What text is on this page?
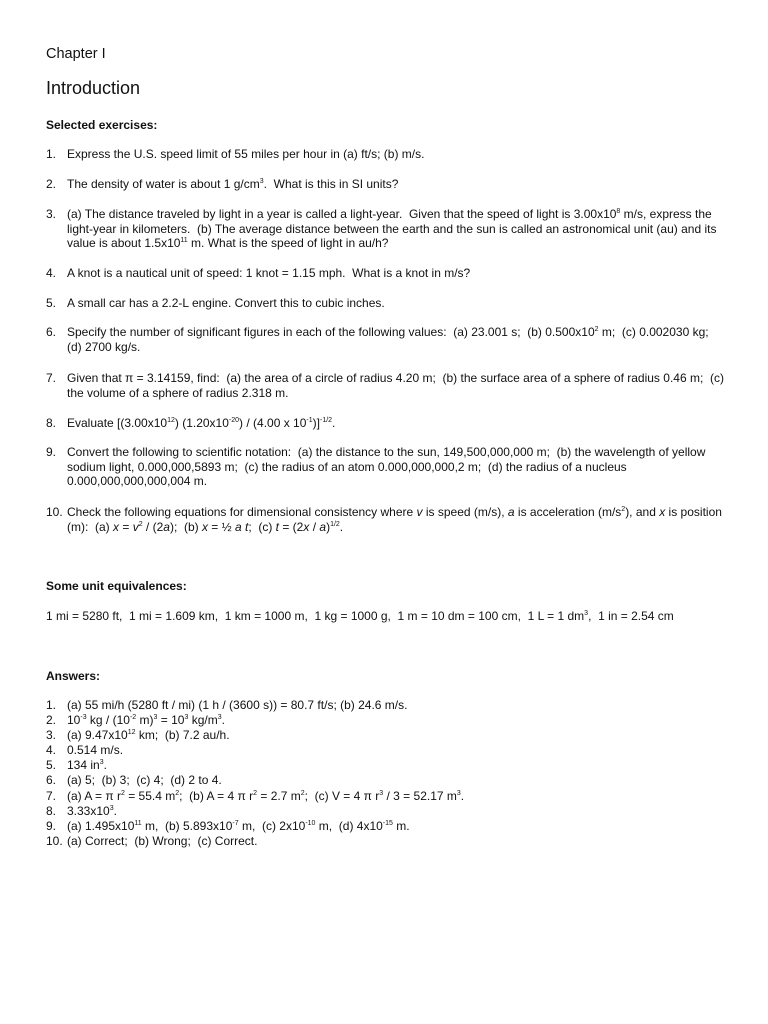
Chapter I
Introduction
Selected exercises:
1. Express the U.S. speed limit of 55 miles per hour in (a) ft/s; (b) m/s.
2. The density of water is about 1 $g/cm^3$.  What is this in SI units?
3. (a) The distance traveled by light in a year is called a light-year.  Given that the speed of light is $3.00x10^8$ m/s, express the light-year in kilometers.  (b) The average distance between the earth and the sun is called an astronomical unit (au) and its value is about $1.5x10^{11}$ m. What is the speed of light in au/h?
4. A knot is a nautical unit of speed: 1 knot = 1.15 mph.  What is a knot in m/s?
5. A small car has a 2.2-L engine. Convert this to cubic inches.
6. Specify the number of significant figures in each of the following values:  (a) 23.001 s;  (b) $0.500x10^2$ m;  (c) 0.002030 kg;  (d) 2700 kg/s.
7. Given that π = 3.14159, find:  (a) the area of a circle of radius 4.20 m;  (b) the surface area of a sphere of radius 0.46 m;  (c) the volume of a sphere of radius 2.318 m.
8. Evaluate [$(3.00x10^{12})$ $(1.20x10^{-20}) / (4.00$ x $10^{-1})]^{-1/2}$.
9. Convert the following to scientific notation:  (a) the distance to the sun, 149,500,000,000 m;  (b) the wavelength of yellow sodium light, 0.000,000,5893 m;  (c) the radius of an atom 0.000,000,000,2 m;  (d) the radius of a nucleus 0.000,000,000,000,004 m.
10. Check the following equations for dimensional consistency where v is speed (m/s), a is acceleration $(m/s^2)$, and x is position (m):  (a) $x = v^2 / (2a)$;  (b) x = ½ a t;  (c) t = (2x / a)$^{1/2}$.
Some unit equivalences:
1 mi = 5280 ft,  1 mi = 1.609 km,  1 km = 1000 m,  1 kg = 1000 g,  1 m = 10 dm = 100 cm,  1 L = 1 $dm^3$,  1 in = 2.54 cm
Answers:
1. (a) 55 mi/h (5280 ft / mi) (1 h / (3600 s)) = 80.7 ft/s; (b) 24.6 m/s.
2. $10^{-3}$ kg / ($10^{-2}$ $m)^3 = 10^3$ $kg/m^3$.
3. (a) $9.47x10^{12}$ km;  (b) 7.2 au/h.
4. 0.514 m/s.
5. 134 $in^3$.
6. (a) 5;  (b) 3;  (c) 4;  (d) 2 to 4.
7. (a) A = π $r^2 = 55.4$ $m^2$;  (b) A = 4 π $r^2 = 2.7$ $m^2$;  (c) V = 4 π $r^3 / 3 = 52.17$ $m^3$.
8. $3.33x10^3$.
9. (a) $1.495x10^{11}$ m,  (b) $5.893x10^{-7}$ m,  (c) $2x10^{-10}$ m,  (d) $4x10^{-15}$ m.
10. (a) Correct;  (b) Wrong;  (c) Correct.
